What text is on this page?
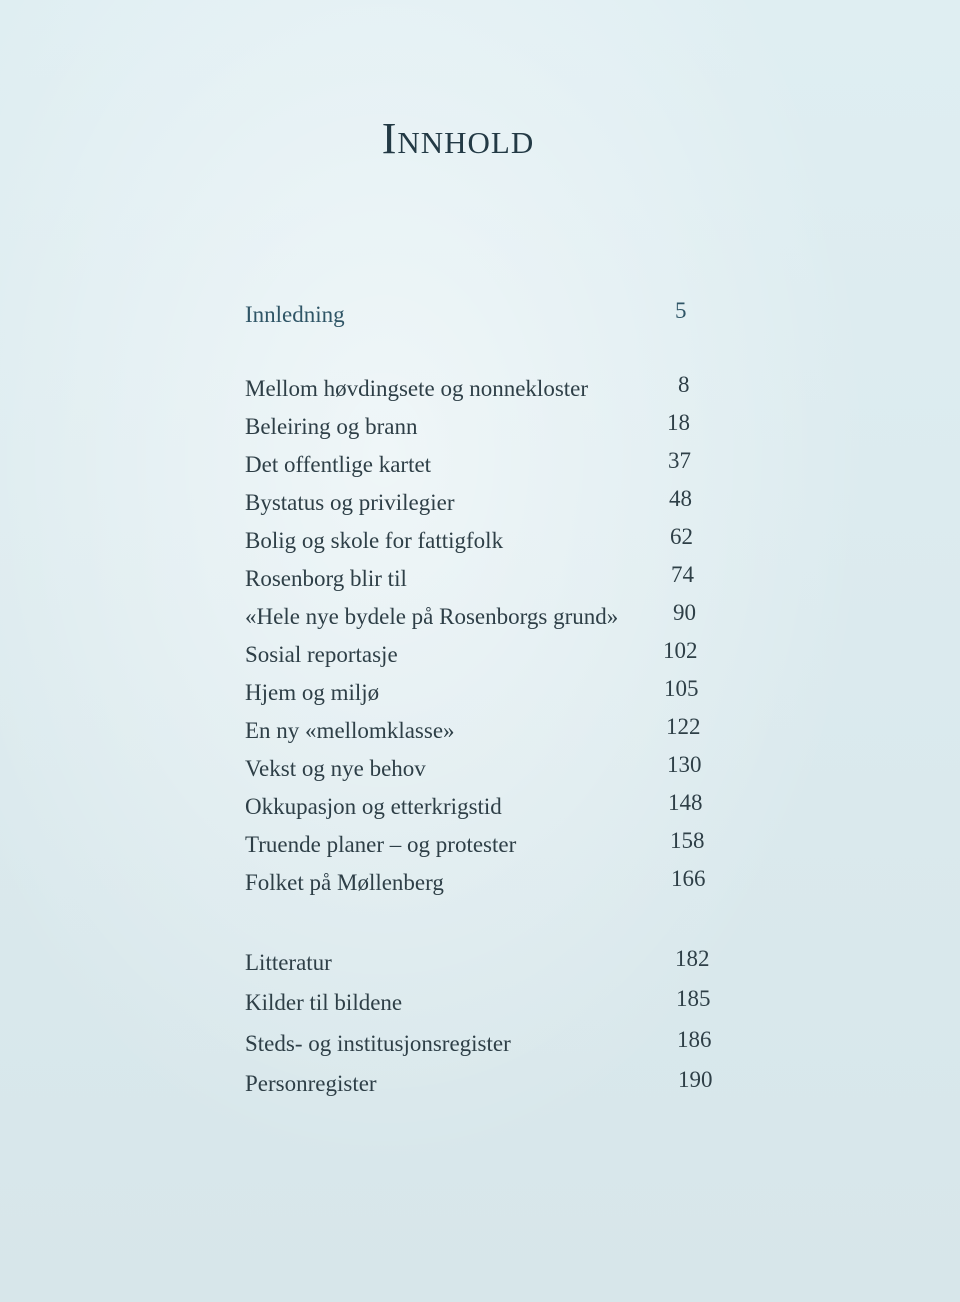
Innhold
Innledning	5
Mellom høvdingsete og nonnekloster	8
Beleiring og brann	18
Det offentlige kartet	37
Bystatus og privilegier	48
Bolig og skole for fattigfolk	62
Rosenborg blir til	74
«Hele nye bydele på Rosenborgs grund» 90
Sosial reportasje	102
Hjem og miljø	105
En ny «mellomklasse»	122
Vekst og nye behov	130
Okkupasjon og etterkrigstid	148
Truende planer – og protester	158
Folket på Møllenberg	166
Litteratur	182
Kilder til bildene	185
Steds- og institusjonsregister	186
Personregister	190
